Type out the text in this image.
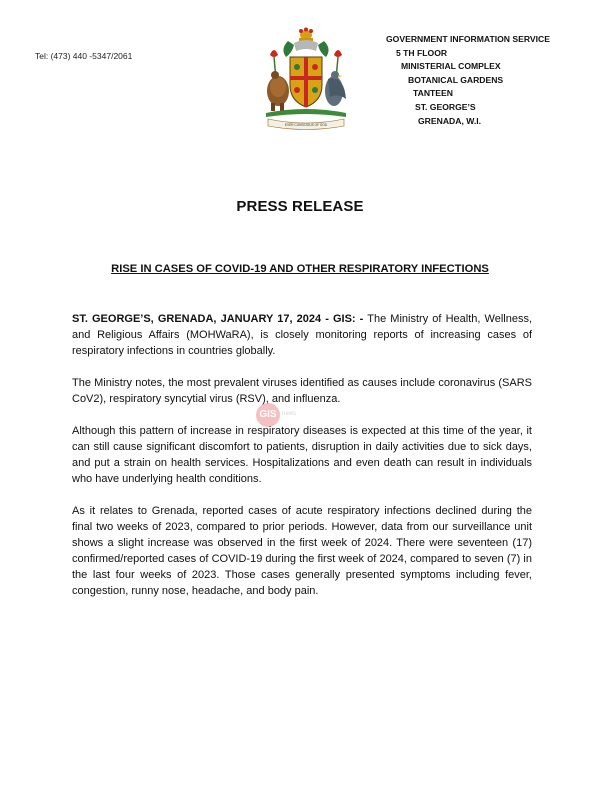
Tel: (473) 440 -5347/2061
EVER CONSCIOUS OF GOD
GOVERNMENT INFORMATION SERVICE
5 TH FLOOR
MINISTERIAL COMPLEX
BOTANICAL GARDENS
TANTEEN
ST. GEORGE’S
GRENADA, W.I.
PRESS RELEASE
RISE IN CASES OF COVID-19 AND OTHER RESPIRATORY INFECTIONS

ST. GEORGE’S, GRENADA, JANUARY 17, 2024 - GIS: - The Ministry of Health, Wellness, and Religious Affairs (MOHWaRA), is closely monitoring reports of increasing cases of respiratory infections in countries globally.

The Ministry notes, the most prevalent viruses identified as causes include coronavirus (SARS CoV2), respiratory syncytial virus (RSV), and influenza.

Although this pattern of increase in respiratory diseases is expected at this time of the year, it can still cause significant discomfort to patients, disruption in daily activities due to sick days, and put a strain on health services. Hospitalizations and even death can result in individuals who have underlying health conditions.

As it relates to Grenada, reported cases of acute respiratory infections declined during the final two weeks of 2023, compared to prior periods. However, data from our surveillance unit shows a slight increase was observed in the first week of 2024. There were seventeen (17) confirmed/reported cases of COVID-19 during the first week of 2024, compared to seven (7) in the last four weeks of 2023. Those cases generally presented symptoms including fever, congestion, runny nose, headache, and body pain.

GIS news
